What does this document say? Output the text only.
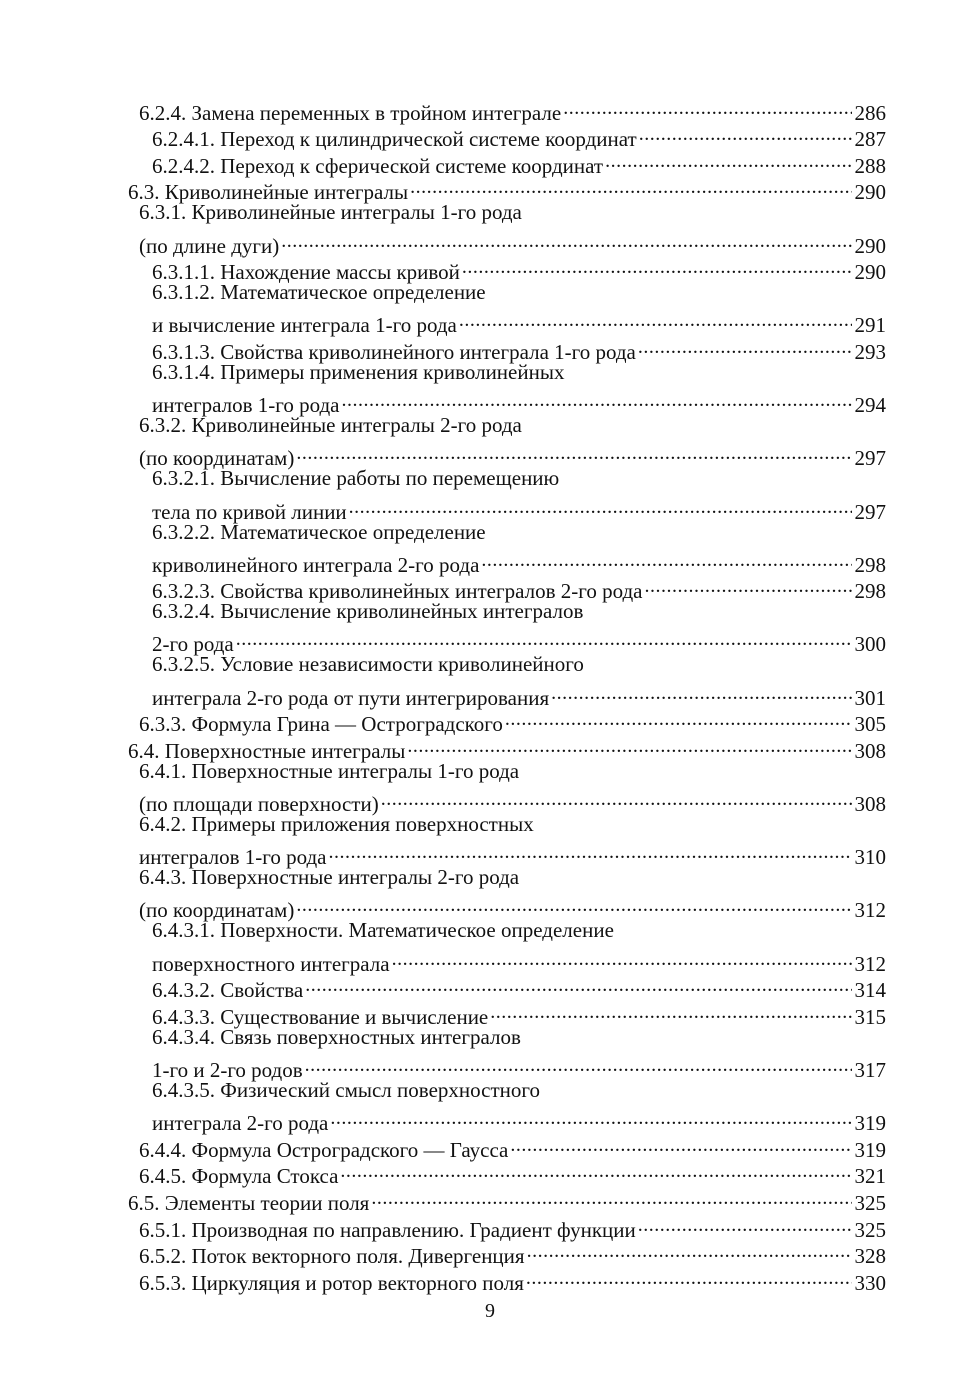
6.2.4. Замена переменных в тройном интеграле .....	286
6.2.4.1. Переход к цилиндрической системе координат .....	287
6.2.4.2. Переход к сферической системе координат .....	288
6.3. Криволинейные интегралы .....	290
6.3.1. Криволинейные интегралы 1-го рода
(по длине дуги) .....	290
6.3.1.1. Нахождение массы кривой .....	290
6.3.1.2. Математическое определение
и вычисление интеграла 1-го рода .....	291
6.3.1.3. Свойства криволинейного интеграла 1-го рода .....	293
6.3.1.4. Примеры применения криволинейных
интегралов 1-го рода .....	294
6.3.2. Криволинейные интегралы 2-го рода
(по координатам) .....	297
6.3.2.1. Вычисление работы по перемещению
тела по кривой линии .....	297
6.3.2.2. Математическое определение
криволинейного интеграла 2-го рода .....	298
6.3.2.3. Свойства криволинейных интегралов 2-го рода .....	298
6.3.2.4. Вычисление криволинейных интегралов
2-го рода .....	300
6.3.2.5. Условие независимости криволинейного
интеграла 2-го рода от пути интегрирования .....	301
6.3.3. Формула Грина — Остроградского .....	305
6.4. Поверхностные интегралы .....	308
6.4.1. Поверхностные интегралы 1-го рода
(по площади поверхности) .....	308
6.4.2. Примеры приложения поверхностных
интегралов 1-го рода .....	310
6.4.3. Поверхностные интегралы 2-го рода
(по координатам) .....	312
6.4.3.1. Поверхности. Математическое определение
поверхностного интеграла .....	312
6.4.3.2. Свойства .....	314
6.4.3.3. Существование и вычисление .....	315
6.4.3.4. Связь поверхностных интегралов
1-го и 2-го родов .....	317
6.4.3.5. Физический смысл поверхностного
интеграла 2-го рода .....	319
6.4.4. Формула Остроградского — Гаусса .....	319
6.4.5. Формула Стокса .....	321
6.5. Элементы теории поля .....	325
6.5.1. Производная по направлению. Градиент функции .....	325
6.5.2. Поток векторного поля. Дивергенция .....	328
6.5.3. Циркуляция и ротор векторного поля .....	330
9
